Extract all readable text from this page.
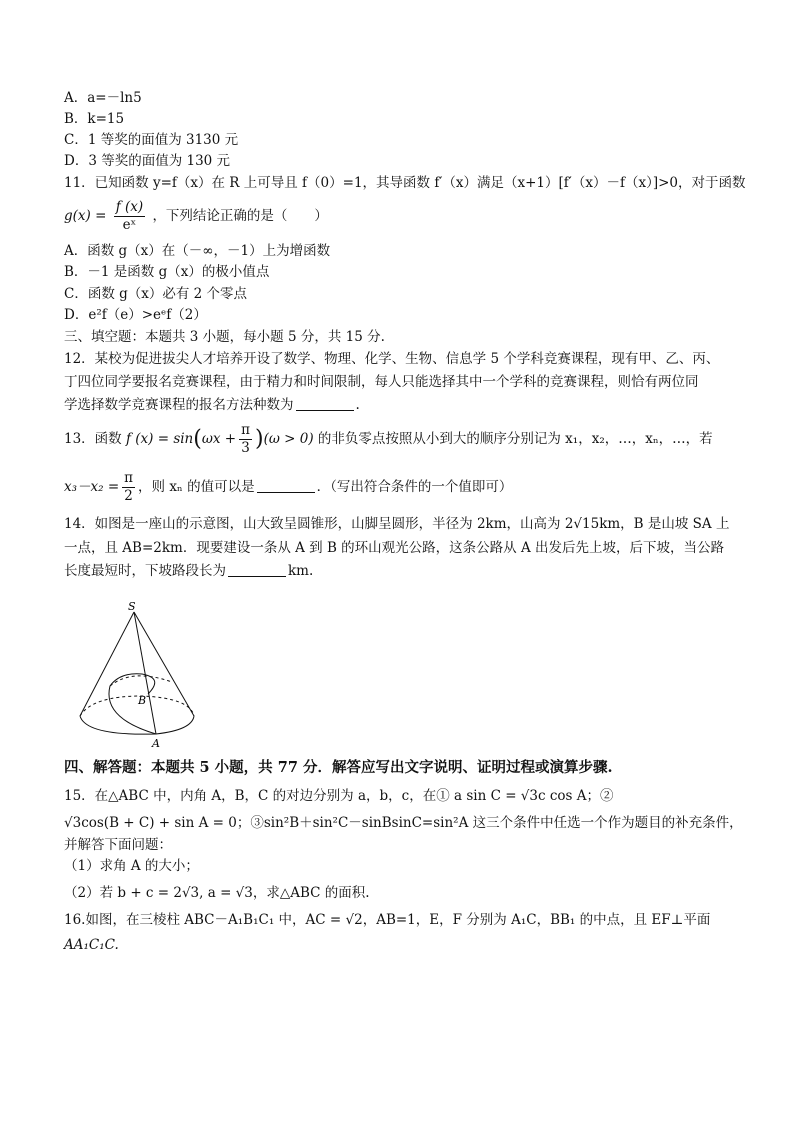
A．a=－ln5
B．k=15
C．1 等奖的面值为 3130 元
D．3 等奖的面值为 130 元
11．已知函数 y=f（x）在 R 上可导且 f（0）=1，其导函数 f′（x）满足（x+1）[f′（x）－f（x）]>0，对于函数
$g(x) = \frac{f (x)}{\text{eˣ}}$ ，下列结论正确的是（　　）
A．函数 g（x）在（－∞，－1）上为增函数
B．－1 是函数 g（x）的极小值点
C．函数 g（x）必有 2 个零点
D．e²f（e）>eᵉf（2）
三、填空题：本题共 3 小题，每小题 5 分，共 15 分.
12．某校为促进拔尖人才培养开设了数学、物理、化学、生物、信息学 5 个学科竞赛课程，现有甲、乙、丙、
丁四位同学要报名竞赛课程，由于精力和时间限制，每人只能选择其中一个学科的竞赛课程，则恰有两位同
学选择数学竞赛课程的报名方法种数为	.
13．函数 f $(x) = \sin(\omega x + \frac{\pi}{3} )(\omega > 0)$ 的非负零点按照从小到大的顺序分别记为 x₁，x₂，…，xₙ，…，若
$x_3-x_2 = \frac{\pi}{2}$ ，则 xₙ 的值可以是	．（写出符合条件的一个值即可）
14．如图是一座山的示意图，山大致呈圆锥形，山脚呈圆形，半径为 2km，山高为 2√15km，B 是山坡 SA 上
一点，且 AB=2km．现要建设一条从 A 到 B 的环山观光公路，这条公路从 A 出发后先上坡，后下坡，当公路
长度最短时，下坡路段长为	km.
S
B
A
四、解答题：本题共 5 小题，共 77 分．解答应写出文字说明、证明过程或演算步骤.
15．在△ABC 中，内角 A，B，C 的对边分别为 a，b，c，在① a sin C = √3c cos A；②
√3cos(B + C) + sin A = 0；③sin²B＋sin²C－sinBsinC=sin²A 这三个条件中任选一个作为题目的补充条件，
并解答下面问题：
（1）求角 A 的大小；
（2）若 b + c = 2√3, a = √3，求△ABC 的面积.
16.如图，在三棱柱 ABC－A₁B₁C₁ 中，AC = √2，AB=1，E，F 分别为 A₁C，BB₁ 的中点，且 EF⊥平面
AA₁C₁C.
